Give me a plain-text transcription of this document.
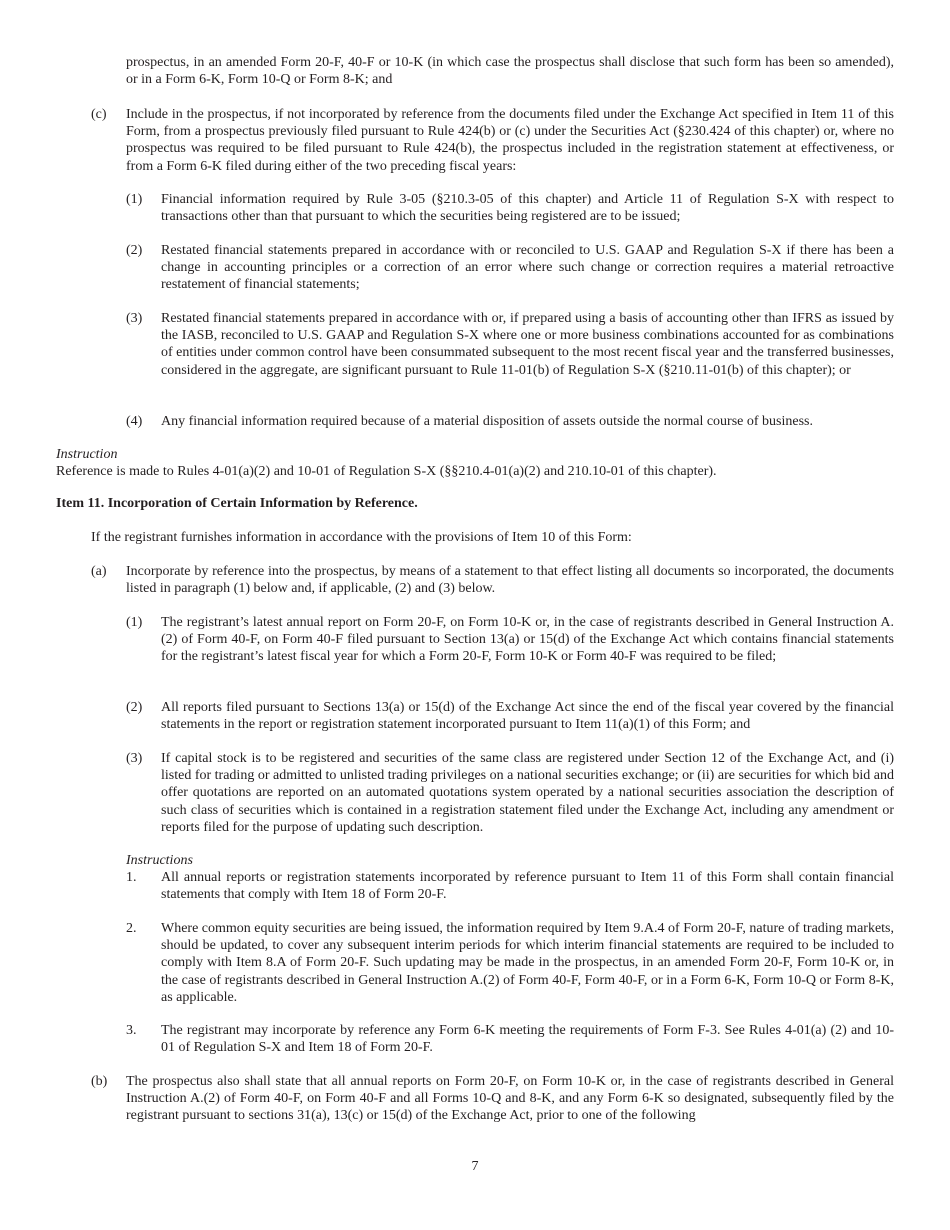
prospectus, in an amended Form 20-F, 40-F or 10-K (in which case the prospectus shall disclose that such form has been so amended), or in a Form 6-K, Form 10-Q or Form 8-K; and

(c) Include in the prospectus, if not incorporated by reference from the documents filed under the Exchange Act specified in Item 11 of this Form, from a prospectus previously filed pursuant to Rule 424(b) or (c) under the Securities Act (§230.424 of this chapter) or, where no prospectus was required to be filed pursuant to Rule 424(b), the prospectus included in the registration statement at effectiveness, or from a Form 6-K filed during either of the two preceding fiscal years:

(1) Financial information required by Rule 3-05 (§210.3-05 of this chapter) and Article 11 of Regulation S-X with respect to transactions other than that pursuant to which the securities being registered are to be issued;

(2) Restated financial statements prepared in accordance with or reconciled to U.S. GAAP and Regulation S-X if there has been a change in accounting principles or a correction of an error where such change or correction requires a material retroactive restatement of financial statements;

(3) Restated financial statements prepared in accordance with or, if prepared using a basis of accounting other than IFRS as issued by the IASB, reconciled to U.S. GAAP and Regulation S-X where one or more business combinations accounted for as combinations of entities under common control have been consummated subsequent to the most recent fiscal year and the transferred businesses, considered in the aggregate, are significant pursuant to Rule 11-01(b) of Regulation S-X (§210.11-01(b) of this chapter); or

(4) Any financial information required because of a material disposition of assets outside the normal course of business.

Instruction

Reference is made to Rules 4-01(a)(2) and 10-01 of Regulation S-X (§§210.4-01(a)(2) and 210.10-01 of this chapter).

Item 11. Incorporation of Certain Information by Reference.

If the registrant furnishes information in accordance with the provisions of Item 10 of this Form:

(a) Incorporate by reference into the prospectus, by means of a statement to that effect listing all documents so incorporated, the documents listed in paragraph (1) below and, if applicable, (2) and (3) below.

(1) The registrant’s latest annual report on Form 20-F, on Form 10-K or, in the case of registrants described in General Instruction A.(2) of Form 40-F, on Form 40-F filed pursuant to Section 13(a) or 15(d) of the Exchange Act which contains financial statements for the registrant’s latest fiscal year for which a Form 20-F, Form 10-K or Form 40-F was required to be filed;

(2) All reports filed pursuant to Sections 13(a) or 15(d) of the Exchange Act since the end of the fiscal year covered by the financial statements in the report or registration statement incorporated pursuant to Item 11(a)(1) of this Form; and

(3) If capital stock is to be registered and securities of the same class are registered under Section 12 of the Exchange Act, and (i) listed for trading or admitted to unlisted trading privileges on a national securities exchange; or (ii) are securities for which bid and offer quotations are reported on an automated quotations system operated by a national securities association the description of such class of securities which is contained in a registration statement filed under the Exchange Act, including any amendment or reports filed for the purpose of updating such description.

Instructions

1. All annual reports or registration statements incorporated by reference pursuant to Item 11 of this Form shall contain financial statements that comply with Item 18 of Form 20-F.

2. Where common equity securities are being issued, the information required by Item 9.A.4 of Form 20-F, nature of trading markets, should be updated, to cover any subsequent interim periods for which interim financial statements are required to be included to comply with Item 8.A of Form 20-F. Such updating may be made in the prospectus, in an amended Form 20-F, Form 10-K or, in the case of registrants described in General Instruction A.(2) of Form 40-F, Form 40-F, or in a Form 6-K, Form 10-Q or Form 8-K, as applicable.

3. The registrant may incorporate by reference any Form 6-K meeting the requirements of Form F-3. See Rules 4-01(a) (2) and 10-01 of Regulation S-X and Item 18 of Form 20-F.

(b) The prospectus also shall state that all annual reports on Form 20-F, on Form 10-K or, in the case of registrants described in General Instruction A.(2) of Form 40-F, on Form 40-F and all Forms 10-Q and 8-K, and any Form 6-K so designated, subsequently filed by the registrant pursuant to sections 31(a), 13(c) or 15(d) of the Exchange Act, prior to one of the following

7
